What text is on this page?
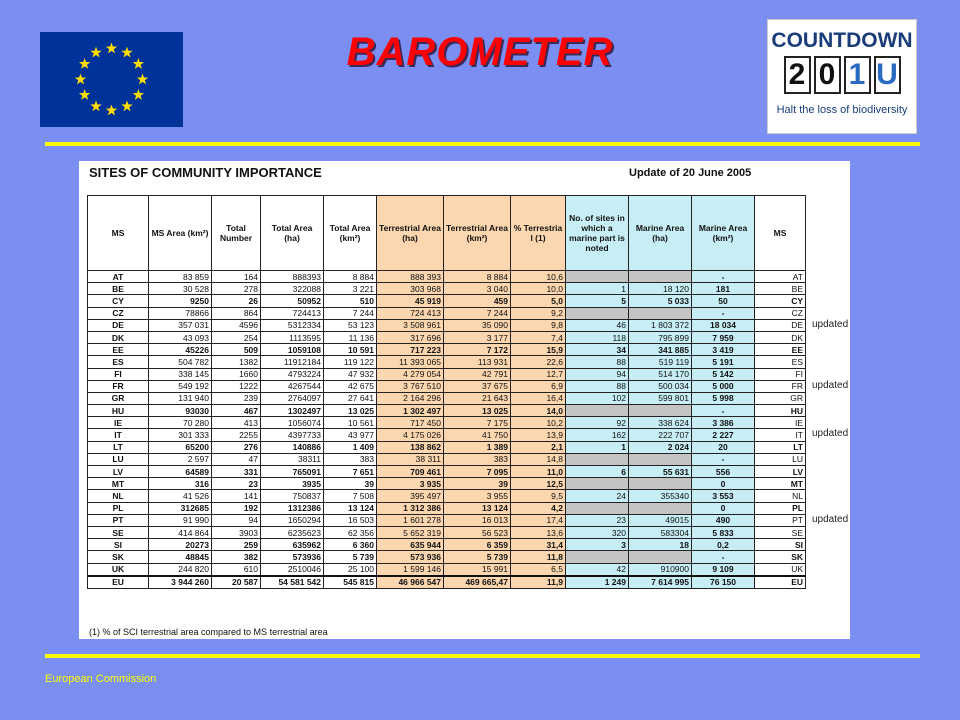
BAROMETER	COUNTDOWN
2 0 1 U
Halt the loss of biodiversity
European Commission
SITES OF COMMUNITY IMPORTANCE	Update of 20 June 2005
MS	MS Area (km²)	Total Number	Total Area (ha)	Total Area (km²)	Terrestrial Area (ha)	Terrestrial Area (km²)	% Terrestria l (1)	No. of sites in which a marine part is noted	Marine Area (ha)	Marine Area (km²)	MS
AT	83 859	164	888393	8 884	888 393	8 884	10,6			-	AT
BE	30 528	278	322088	3 221	303 968	3 040	10,0	1	18 120	181	BE
CY	9250	26	50952	510	45 919	459	5,0	5	5 033	50	CY
CZ	78866	864	724413	7 244	724 413	7 244	9,2			-	CZ
DE	357 031	4596	5312334	53 123	3 508 961	35 090	9,8	46	1 803 372	18 034	DE
DK	43 093	254	1113595	11 136	317 696	3 177	7,4	118	795 899	7 959	DK
EE	45226	509	1059108	10 591	717 223	7 172	15,9	34	341 885	3 419	EE
ES	504 782	1382	11912184	119 122	11 393 065	113 931	22,6	88	519 119	5 191	ES
FI	338 145	1660	4793224	47 932	4 279 054	42 791	12,7	94	514 170	5 142	FI
FR	549 192	1222	4267544	42 675	3 767 510	37 675	6,9	88	500 034	5 000	FR
GR	131 940	239	2764097	27 641	2 164 296	21 643	16,4	102	599 801	5 998	GR
HU	93030	467	1302497	13 025	1 302 497	13 025	14,0			-	HU
IE	70 280	413	1056074	10 561	717 450	7 175	10,2	92	338 624	3 386	IE
IT	301 333	2255	4397733	43 977	4 175 026	41 750	13,9	162	222 707	2 227	IT
LT	65200	276	140886	1 409	138 862	1 389	2,1	1	2 024	20	LT
LU	2 597	47	38311	383	38 311	383	14,8			-	LU
LV	64589	331	765091	7 651	709 461	7 095	11,0	6	55 631	556	LV
MT	316	23	3935	39	3 935	39	12,5			0	MT
NL	41 526	141	750837	7 508	395 497	3 955	9,5	24	355340	3 553	NL
PL	312685	192	1312386	13 124	1 312 386	13 124	4,2			0	PL
PT	91 990	94	1650294	16 503	1 601 278	16 013	17,4	23	49015	490	PT
SE	414 864	3903	6235623	62 356	5 652 319	56 523	13,6	320	583304	5 833	SE
SI	20273	259	635962	6 360	635 944	6 359	31,4	3	18	0,2	SI
SK	48845	382	573936	5 739	573 936	5 739	11,8			-	SK
UK	244 820	610	2510046	25 100	1 599 146	15 991	6,5	42	910900	9 109	UK
EU	3 944 260	20 587	54 581 542	545 815	46 966 547	469 665,47	11,9	1 249	7 614 995	76 150	EU
(1) % of SCI terrestrial area compared to MS terrestrial area
updated
updated
updated
updated
